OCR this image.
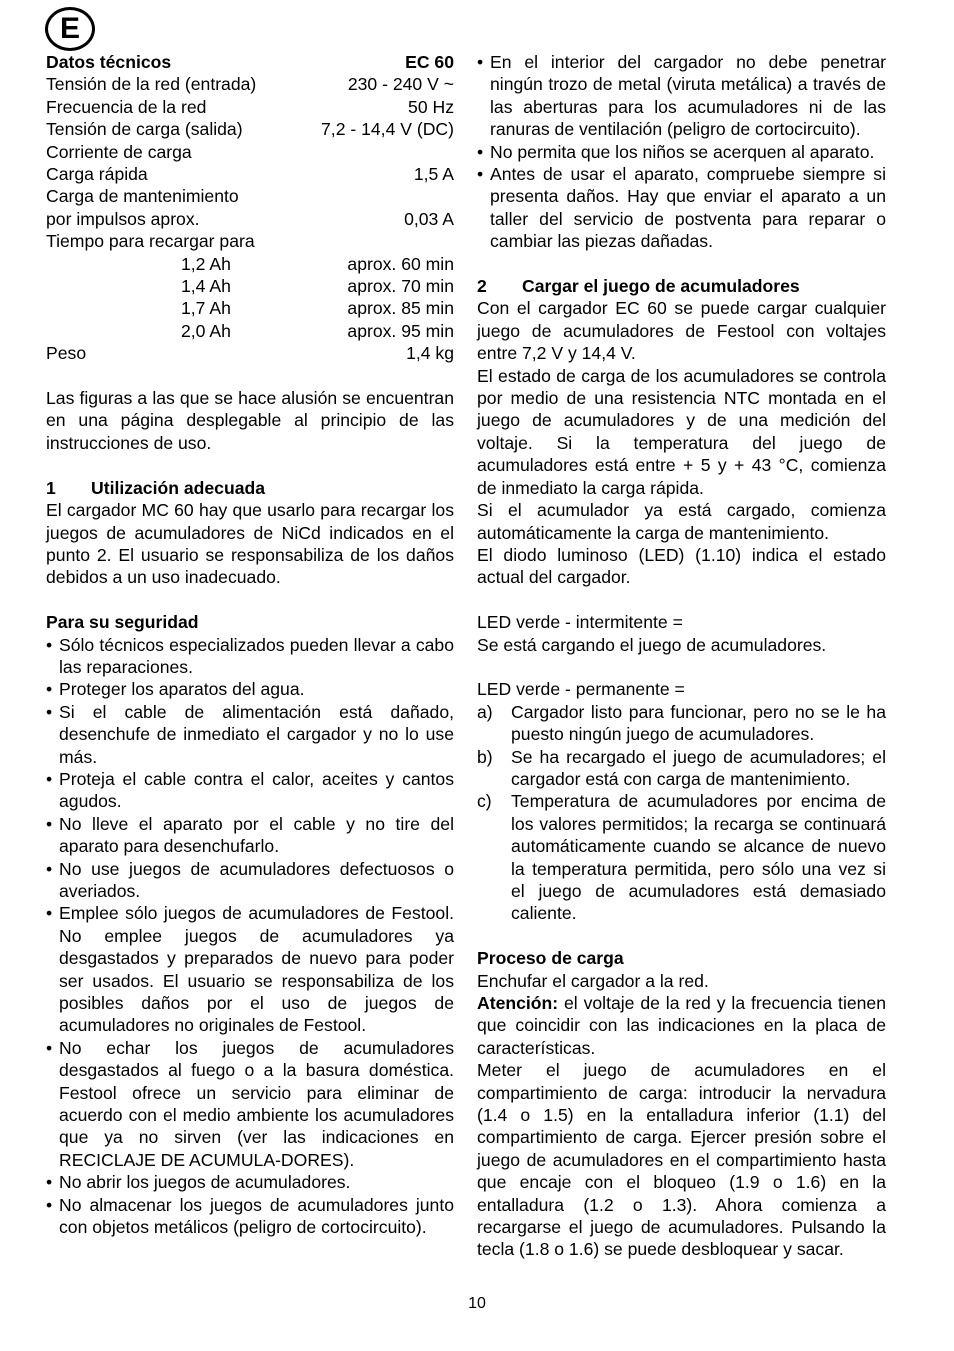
E
Datos técnicos	EC 60
Tensión de la red (entrada)	230 - 240 V ~
Frecuencia de la red	50 Hz
Tensión de carga (salida)	7,2 - 14,4 V (DC)
Corriente de carga
Carga rápida	1,5 A
Carga de mantenimiento
por impulsos aprox.	0,03 A
Tiempo para recargar para
1,2 Ah	aprox. 60 min
1,4 Ah	aprox. 70 min
1,7 Ah	aprox. 85 min
2,0 Ah	aprox. 95 min
Peso	1,4 kg

Las figuras a las que se hace alusión se encuentran en una página desplegable al principio de las instrucciones de uso.

1 Utilización adecuada

El cargador MC 60 hay que usarlo para recargar los juegos de acumuladores de NiCd indicados en el punto 2. El usuario se responsabiliza de los daños debidos a un uso inadecuado.

Para su seguridad
• Sólo técnicos especializados pueden llevar a cabo las reparaciones.
• Proteger los aparatos del agua.
• Si el cable de alimentación está dañado, desenchufe de inmediato el cargador y no lo use más.
• Proteja el cable contra el calor, aceites y cantos agudos.
• No lleve el aparato por el cable y no tire del aparato para desenchufarlo.
• No use juegos de acumuladores defectuosos o averiados.
• Emplee sólo juegos de acumuladores de Festool. No emplee juegos de acumuladores ya desgastados y preparados de nuevo para poder ser usados. El usuario se responsabiliza de los posibles daños por el uso de juegos de acumuladores no originales de Festool.
• No echar los juegos de acumuladores desgastados al fuego o a la basura doméstica. Festool ofrece un servicio para eliminar de acuerdo con el medio ambiente los acumuladores que ya no sirven (ver las indicaciones en RECICLAJE DE ACUMULA-DORES).
• No abrir los juegos de acumuladores.
• No almacenar los juegos de acumuladores junto con objetos metálicos (peligro de cortocircuito).
• En el interior del cargador no debe penetrar ningún trozo de metal (viruta metálica) a través de las aberturas para los acumuladores ni de las ranuras de ventilación (peligro de cortocircuito).
• No permita que los niños se acerquen al aparato.
• Antes de usar el aparato, compruebe siempre si presenta daños. Hay que enviar el aparato a un taller del servicio de postventa para reparar o cambiar las piezas dañadas.
2 Cargar el juego de acumuladores

Con el cargador EC 60 se puede cargar cualquier juego de acumuladores de Festool con voltajes entre 7,2 V y 14,4 V.

El estado de carga de los acumuladores se controla por medio de una resistencia NTC montada en el juego de acumuladores y de una medición del voltaje. Si la temperatura del juego de acumuladores está entre + 5 y + 43 °C, comienza de inmediato la carga rápida.

Si el acumulador ya está cargado, comienza automáticamente la carga de mantenimiento.

El diodo luminoso (LED) (1.10) indica el estado actual del cargador.

LED verde - intermitente =

Se está cargando el juego de acumuladores.

LED verde - permanente =

a)	Cargador listo para funcionar, pero no se le ha puesto ningún juego de acumuladores.
b)	Se ha recargado el juego de acumuladores; el cargador está con carga de mantenimiento.
c)	Temperatura de acumuladores por encima de los valores permitidos; la recarga se continuará automáticamente cuando se alcance de nuevo la temperatura permitida, pero sólo una vez si el juego de acumuladores está demasiado caliente.
Proceso de carga

Enchufar el cargador a la red.

Atención: el voltaje de la red y la frecuencia tienen que coincidir con las indicaciones en la placa de características.

Meter el juego de acumuladores en el compartimiento de carga: introducir la nervadura (1.4 o 1.5) en la entalladura inferior (1.1) del compartimiento de carga. Ejercer presión sobre el juego de acumuladores en el compartimiento hasta que encaje con el bloqueo (1.9 o 1.6) en la entalladura (1.2 o 1.3). Ahora comienza a recargarse el juego de acumuladores. Pulsando la tecla (1.8 o 1.6) se puede desbloquear y sacar.

10
